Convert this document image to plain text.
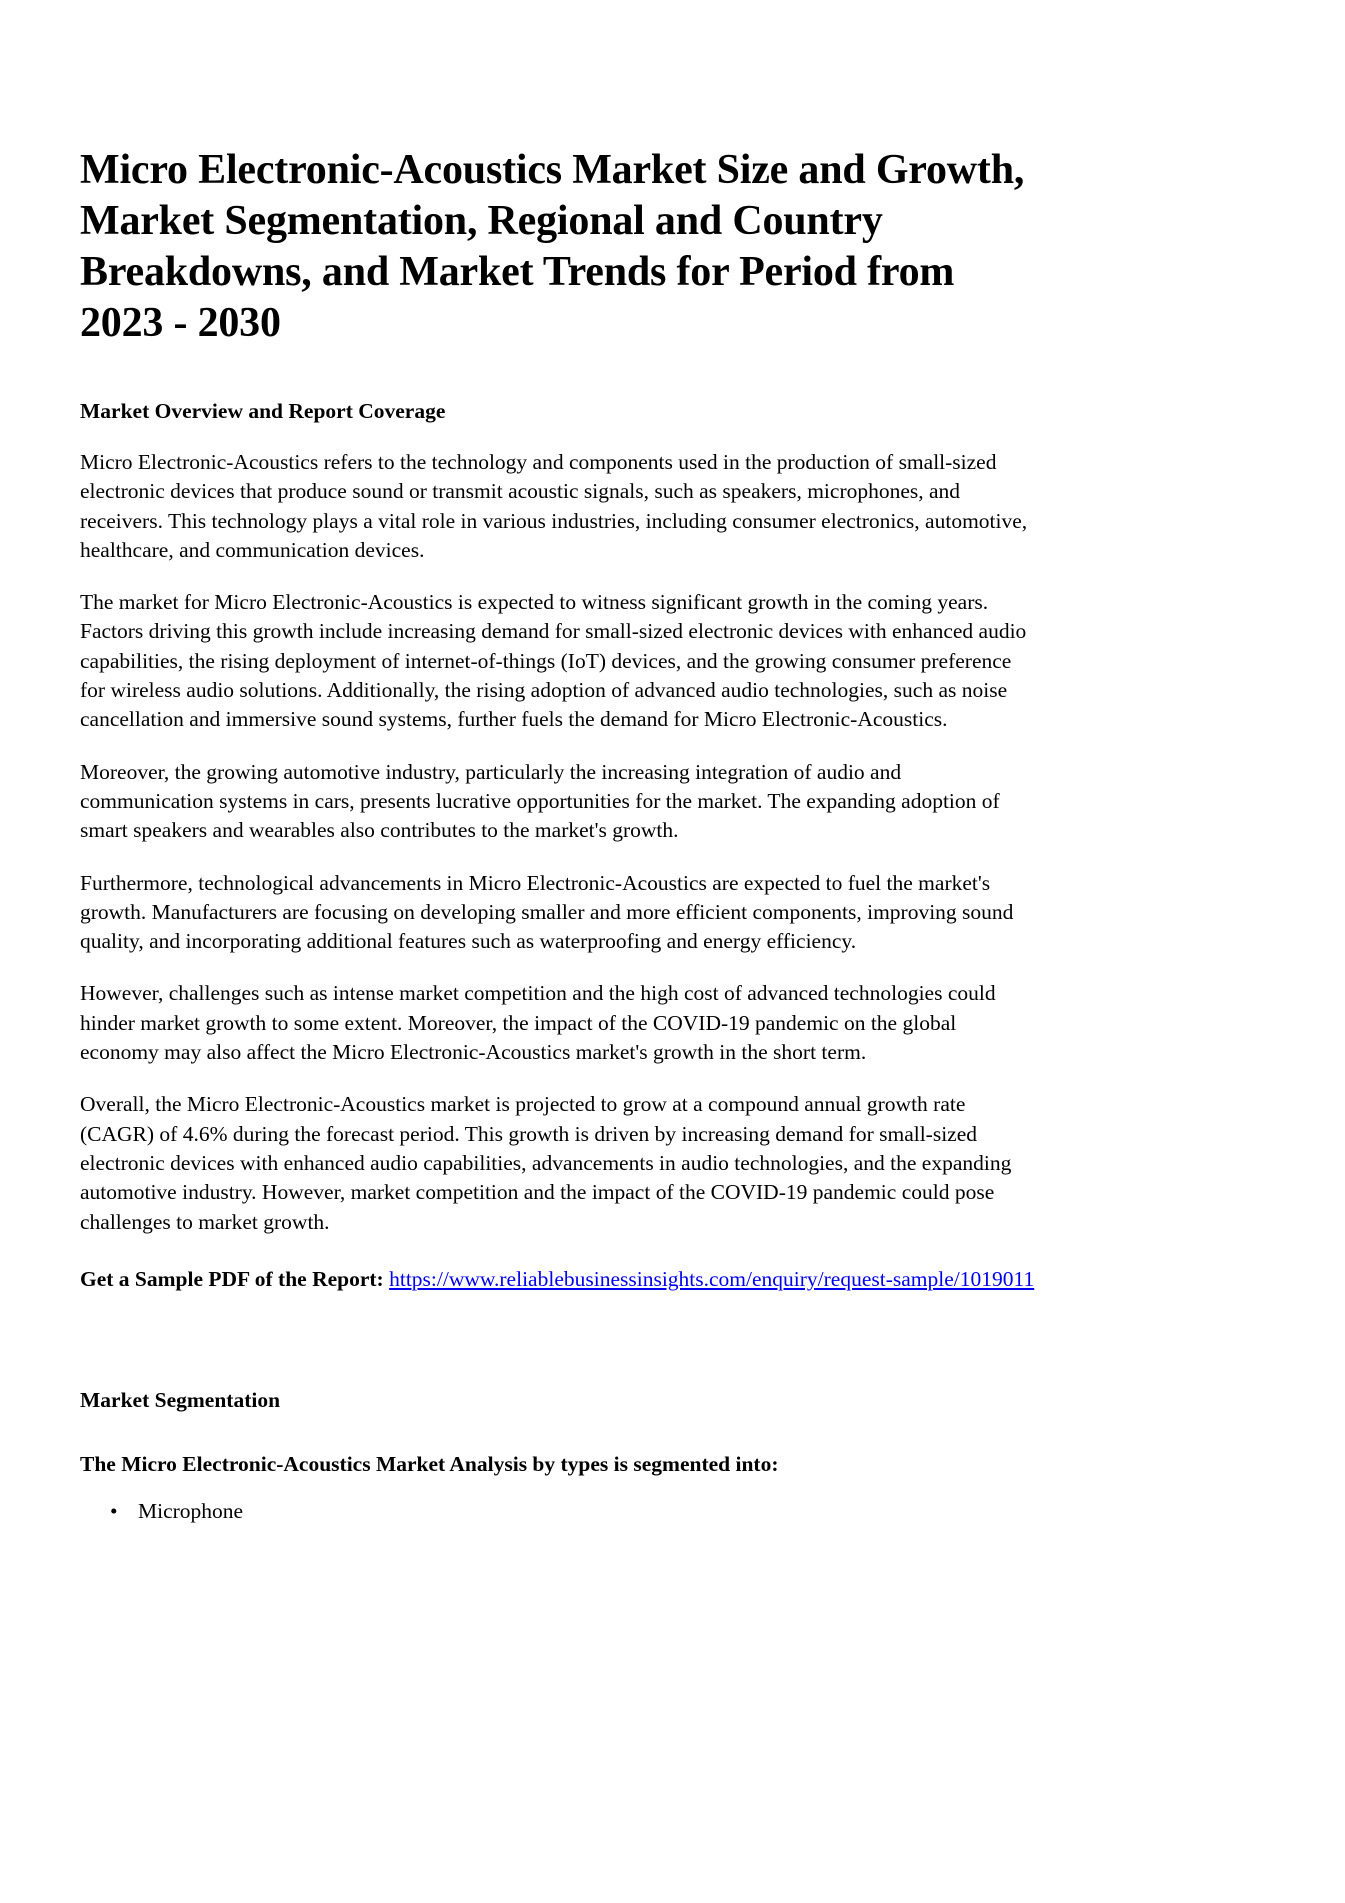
Micro Electronic-Acoustics Market Size and Growth, Market Segmentation, Regional and Country Breakdowns, and Market Trends for Period from 2023 - 2030
Market Overview and Report Coverage

Micro Electronic-Acoustics refers to the technology and components used in the production of small-sized electronic devices that produce sound or transmit acoustic signals, such as speakers, microphones, and receivers. This technology plays a vital role in various industries, including consumer electronics, automotive, healthcare, and communication devices.

The market for Micro Electronic-Acoustics is expected to witness significant growth in the coming years. Factors driving this growth include increasing demand for small-sized electronic devices with enhanced audio capabilities, the rising deployment of internet-of-things (IoT) devices, and the growing consumer preference for wireless audio solutions. Additionally, the rising adoption of advanced audio technologies, such as noise cancellation and immersive sound systems, further fuels the demand for Micro Electronic-Acoustics.

Moreover, the growing automotive industry, particularly the increasing integration of audio and communication systems in cars, presents lucrative opportunities for the market. The expanding adoption of smart speakers and wearables also contributes to the market's growth.

Furthermore, technological advancements in Micro Electronic-Acoustics are expected to fuel the market's growth. Manufacturers are focusing on developing smaller and more efficient components, improving sound quality, and incorporating additional features such as waterproofing and energy efficiency.

However, challenges such as intense market competition and the high cost of advanced technologies could hinder market growth to some extent. Moreover, the impact of the COVID-19 pandemic on the global economy may also affect the Micro Electronic-Acoustics market's growth in the short term.

Overall, the Micro Electronic-Acoustics market is projected to grow at a compound annual growth rate (CAGR) of 4.6% during the forecast period. This growth is driven by increasing demand for small-sized electronic devices with enhanced audio capabilities, advancements in audio technologies, and the expanding automotive industry. However, market competition and the impact of the COVID-19 pandemic could pose challenges to market growth.

Get a Sample PDF of the Report: https://www.reliablebusinessinsights.com/enquiry/request-sample/1019011

Market Segmentation
The Micro Electronic-Acoustics Market Analysis by types is segmented into:
• Microphone
